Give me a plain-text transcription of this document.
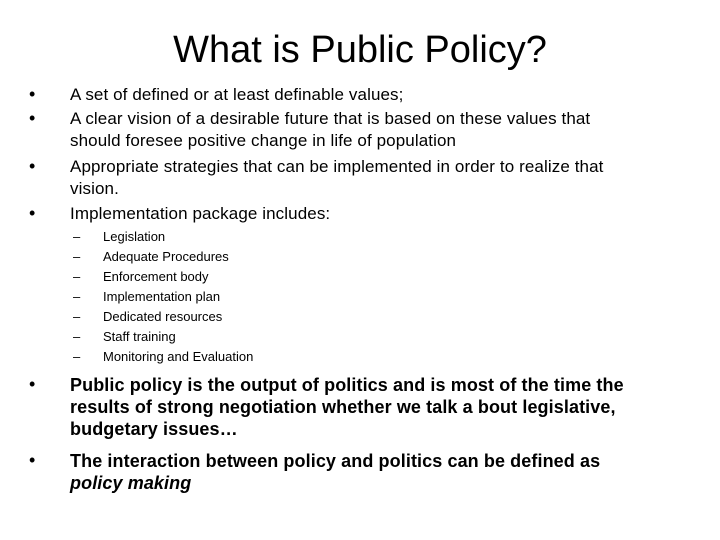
What is Public Policy?
• A set of defined or at least definable values;
• A clear vision of a desirable future that is based on these values that
should foresee positive change in life of population
• Appropriate strategies that can be implemented in order to realize that
vision.
• Implementation package includes:
– Legislation
– Adequate Procedures
– Enforcement body
– Implementation plan
– Dedicated resources
– Staff training
– Monitoring and Evaluation
• Public policy is the output of politics and is most of the time the
results of strong negotiation whether we talk a bout legislative,
budgetary issues…
• The interaction between policy and politics can be defined as
policy making
